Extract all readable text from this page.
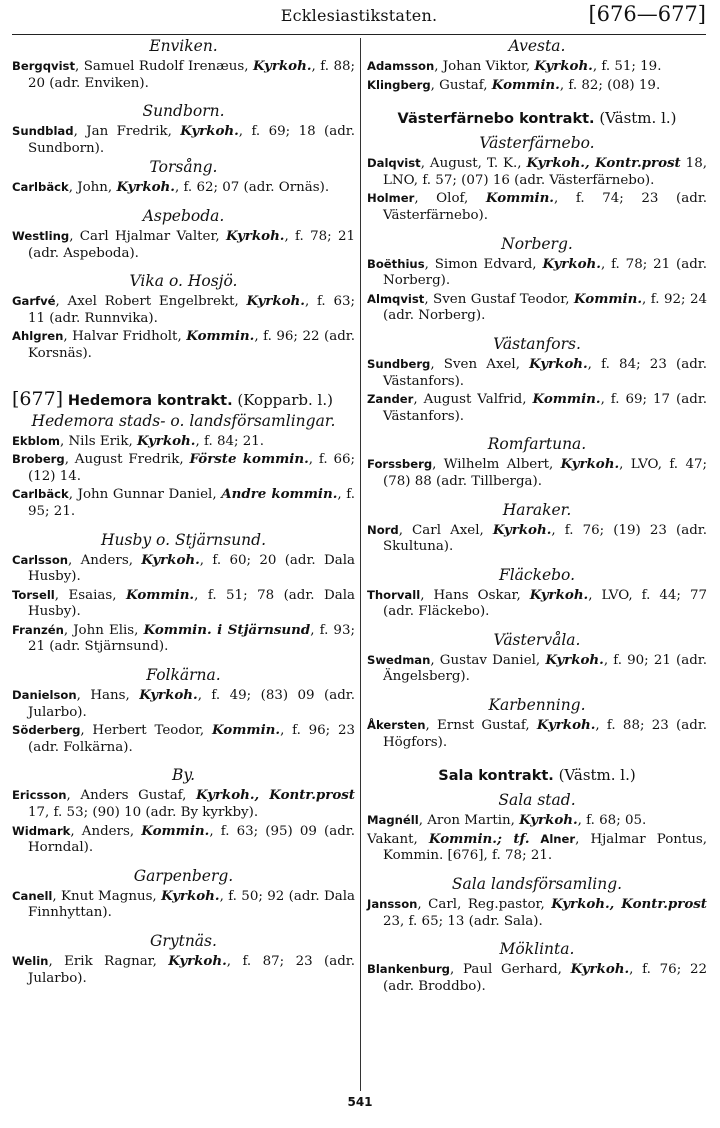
Ecklesiastikstaten.	[676—677]
Enviken.
Bergqvist, Samuel Rudolf Irenæus, Kyrkoh., f. 88; 20 (adr. Enviken).
Sundborn.
Sundblad, Jan Fredrik, Kyrkoh., f. 69; 18 (adr. Sundborn).
Torsång.
Carlbäck, John, Kyrkoh., f. 62; 07 (adr. Ornäs).
Aspeboda.
Westling, Carl Hjalmar Valter, Kyrkoh., f. 78; 21 (adr. Aspeboda).
Vika o. Hosjö.
Garfvé, Axel Robert Engelbrekt, Kyrkoh., f. 63; 11 (adr. Runnvika).
Ahlgren, Halvar Fridholt, Kommin., f. 96; 22 (adr. Korsnäs).
[677] Hedemora kontrakt. (Kopparb. l.)
Hedemora stads- o. landsförsamlingar.
Ekblom, Nils Erik, Kyrkoh., f. 84; 21.
Broberg, August Fredrik, Förste kommin., f. 66; (12) 14.
Carlbäck, John Gunnar Daniel, Andre kommin., f. 95; 21.
Husby o. Stjärnsund.
Carlsson, Anders, Kyrkoh., f. 60; 20 (adr. Dala Husby).
Torsell, Esaias, Kommin., f. 51; 78 (adr. Dala Husby).
Franzén, John Elis, Kommin. i Stjärnsund, f. 93; 21 (adr. Stjärnsund).
Folkärna.
Danielson, Hans, Kyrkoh., f. 49; (83) 09 (adr. Jularbo).
Söderberg, Herbert Teodor, Kommin., f. 96; 23 (adr. Folkärna).
By.
Ericsson, Anders Gustaf, Kyrkoh., Kontr.prost 17, f. 53; (90) 10 (adr. By kyrkby).
Widmark, Anders, Kommin., f. 63; (95) 09 (adr. Horndal).
Garpenberg.
Canell, Knut Magnus, Kyrkoh., f. 50; 92 (adr. Dala Finnhyttan).
Grytnäs.
Welin, Erik Ragnar, Kyrkoh., f. 87; 23 (adr. Jularbo).
Avesta.
Adamsson, Johan Viktor, Kyrkoh., f. 51; 19.
Klingberg, Gustaf, Kommin., f. 82; (08) 19.
Västerfärnebo kontrakt. (Västm. l.)
Västerfärnebo.
Dalqvist, August, T. K., Kyrkoh., Kontr.prost 18, LNO, f. 57; (07) 16 (adr. Västerfärnebo).
Holmer, Olof, Kommin., f. 74; 23 (adr. Västerfärnebo).
Norberg.
Boëthius, Simon Edvard, Kyrkoh., f. 78; 21 (adr. Norberg).
Almqvist, Sven Gustaf Teodor, Kommin., f. 92; 24 (adr. Norberg).
Västanfors.
Sundberg, Sven Axel, Kyrkoh., f. 84; 23 (adr. Västanfors).
Zander, August Valfrid, Kommin., f. 69; 17 (adr. Västanfors).
Romfartuna.
Forssberg, Wilhelm Albert, Kyrkoh., LVO, f. 47; (78) 88 (adr. Tillberga).
Haraker.
Nord, Carl Axel, Kyrkoh., f. 76; (19) 23 (adr. Skultuna).
Fläckebo.
Thorvall, Hans Oskar, Kyrkoh., LVO, f. 44; 77 (adr. Fläckebo).
Västervåla.
Swedman, Gustav Daniel, Kyrkoh., f. 90; 21 (adr. Ängelsberg).
Karbenning.
Åkersten, Ernst Gustaf, Kyrkoh., f. 88; 23 (adr. Högfors).
Sala kontrakt. (Västm. l.)
Sala stad.
Magnéll, Aron Martin, Kyrkoh., f. 68; 05.
Vakant, Kommin.; tf. Alner, Hjalmar Pontus, Kommin. [676], f. 78; 21.
Sala landsförsamling.
Jansson, Carl, Reg.pastor, Kyrkoh., Kontr.prost 23, f. 65; 13 (adr. Sala).
Möklinta.
Blankenburg, Paul Gerhard, Kyrkoh., f. 76; 22 (adr. Broddbo).
541
